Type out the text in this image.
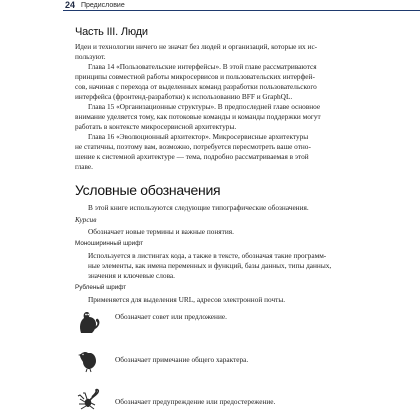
24 Предисловие
Часть III. Люди
Идеи и технологии ничего не значат без людей и организаций, которые их ис-
пользуют.
Глава 14 «Пользовательские интерфейсы». В этой главе рассматриваются
принципы совместной работы микросервисов и пользовательских интерфей-
сов, начиная с перехода от выделенных команд разработки пользовательского
интерфейса (фронтенд-разработки) к использованию BFF и GraphQL.
Глава 15 «Организационные структуры». В предпоследней главе основное
внимание уделяется тому, как потоковые команды и команды поддержки могут
работать в контексте микросервисной архитектуры.
Глава 16 «Эволюционный архитектор». Микросервисные архитектуры
не статичны, поэтому вам, возможно, потребуется пересмотреть ваше отно-
шение к системной архитектуре — тема, подробно рассматриваемая в этой
главе.
Условные обозначения
В этой книге используются следующие типографические обозначения.
Курсив
Обозначает новые термины и важные понятия.
Моноширинный шрифт
Используется в листингах кода, а также в тексте, обозначая такие программ-
ные элементы, как имена переменных и функций, базы данных, типы данных,
значения и ключевые слова.
Рубленый шрифт
Применяется для выделения URL, адресов электронной почты.
Обозначает совет или предложение.
Обозначает примечание общего характера.
Обозначает предупреждение или предостережение.
